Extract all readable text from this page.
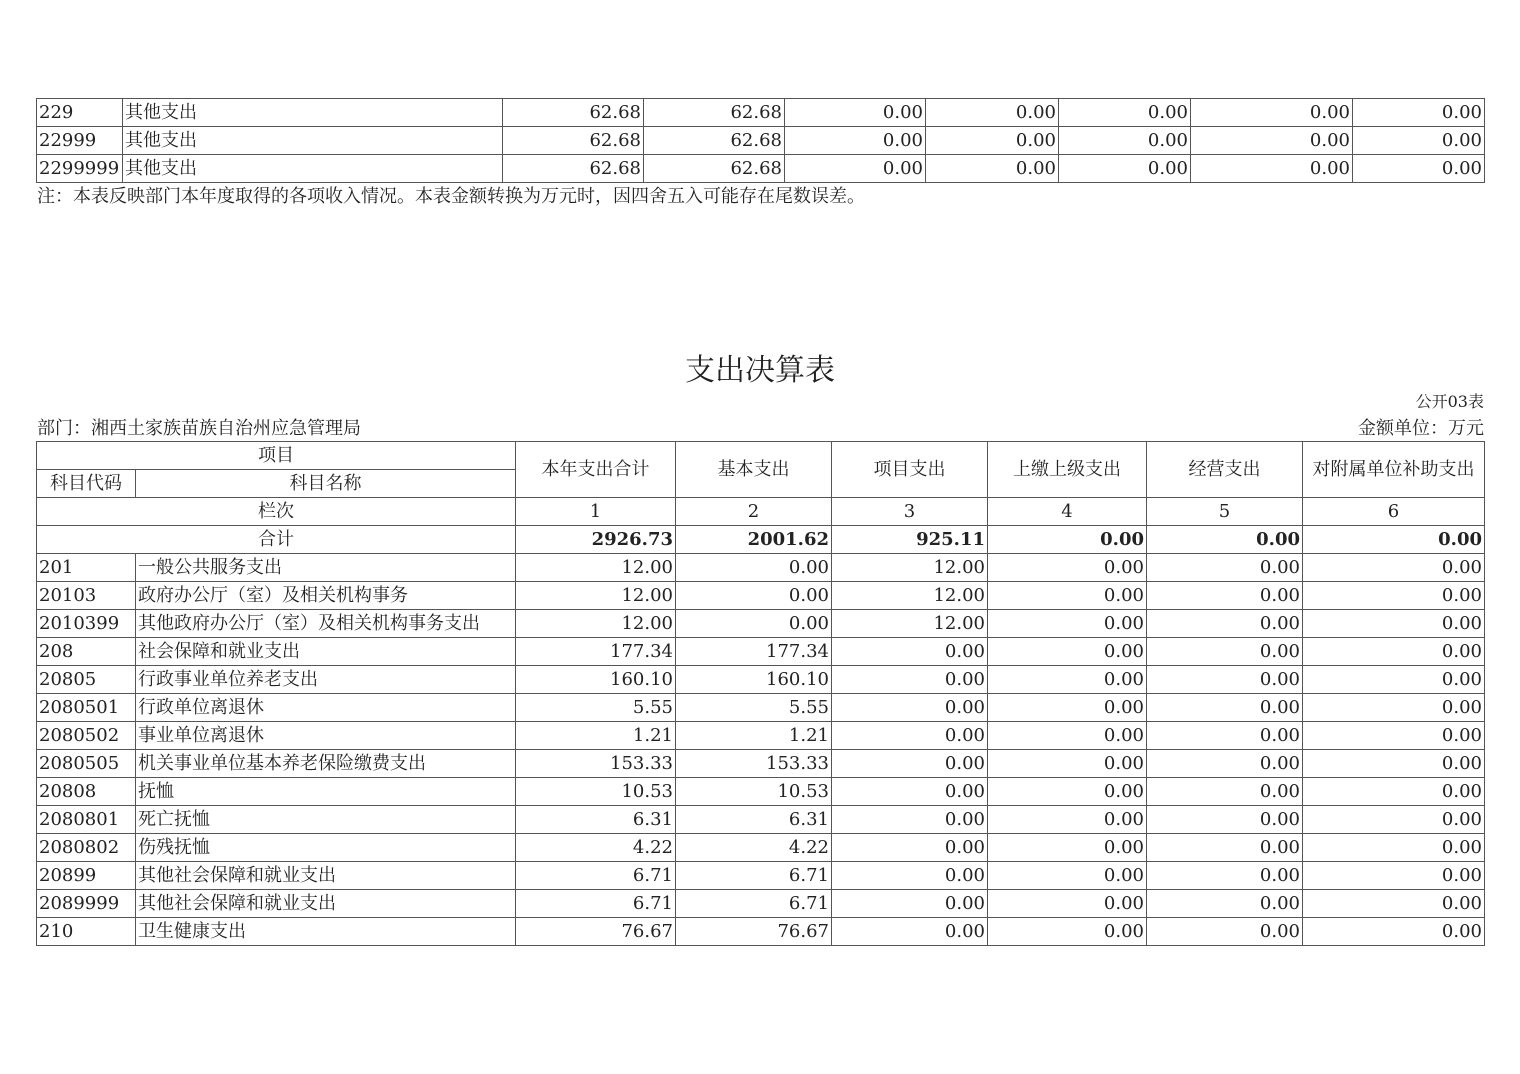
229	其他支出	62.68	62.68	0.00	0.00	0.00	0.00	0.00
22999	其他支出	62.68	62.68	0.00	0.00	0.00	0.00	0.00
2299999	其他支出	62.68	62.68	0.00	0.00	0.00	0.00	0.00
注：本表反映部门本年度取得的各项收入情况。本表金额转换为万元时，因四舍五入可能存在尾数误差。
支出决算表
公开03表
部门：湘西土家族苗族自治州应急管理局	金额单位：万元
项目		本年支出合计	基本支出	项目支出	上缴上级支出	经营支出	对附属单位补助支出
科目代码	科目名称						
栏次		1	2	3	4	5	6
合计		2926.73	2001.62	925.11	0.00	0.00	0.00
201	一般公共服务支出	12.00	0.00	12.00	0.00	0.00	0.00
20103	政府办公厅（室）及相关机构事务	12.00	0.00	12.00	0.00	0.00	0.00
2010399	其他政府办公厅（室）及相关机构事务支出	12.00	0.00	12.00	0.00	0.00	0.00
208	社会保障和就业支出	177.34	177.34	0.00	0.00	0.00	0.00
20805	行政事业单位养老支出	160.10	160.10	0.00	0.00	0.00	0.00
2080501	行政单位离退休	5.55	5.55	0.00	0.00	0.00	0.00
2080502	事业单位离退休	1.21	1.21	0.00	0.00	0.00	0.00
2080505	机关事业单位基本养老保险缴费支出	153.33	153.33	0.00	0.00	0.00	0.00
20808	抚恤	10.53	10.53	0.00	0.00	0.00	0.00
2080801	死亡抚恤	6.31	6.31	0.00	0.00	0.00	0.00
2080802	伤残抚恤	4.22	4.22	0.00	0.00	0.00	0.00
20899	其他社会保障和就业支出	6.71	6.71	0.00	0.00	0.00	0.00
2089999	其他社会保障和就业支出	6.71	6.71	0.00	0.00	0.00	0.00
210	卫生健康支出	76.67	76.67	0.00	0.00	0.00	0.00
